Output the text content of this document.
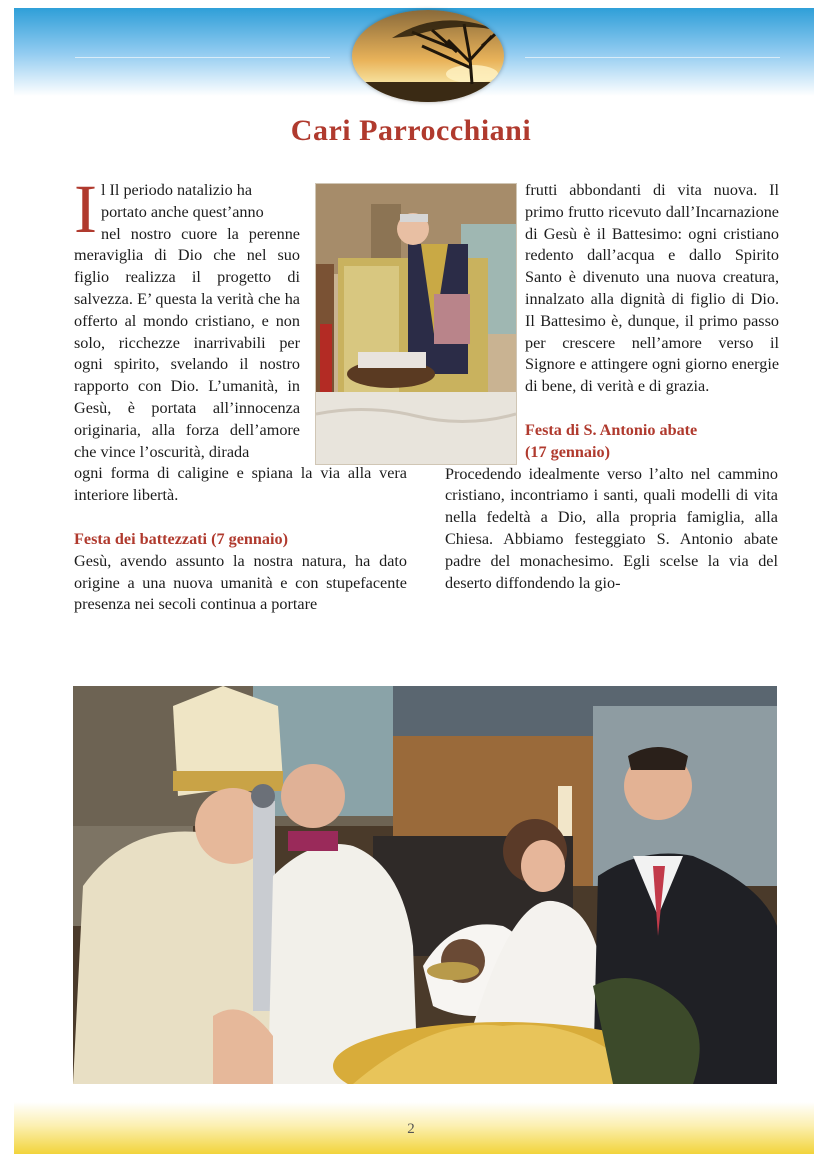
Cari Parrocchiani
I l Il periodo natalizio ha

portato anche quest’anno

nel nostro cuore la perenne meraviglia di Dio che nel suo figlio realizza il progetto di salvezza. E’ questa la verità che ha offerto al mondo cristiano, e non solo, ricchezze inarrivabili per ogni spirito, svelando il nostro rapporto con Dio. L’umanità, in Gesù, è portata all’innocenza originaria, alla forza dell’amore che vince l’oscurità, dirada

ogni forma di caligine e spiana la via alla vera interiore libertà.

Festa dei battezzati (7 gennaio)

Gesù, avendo assunto la nostra natura, ha dato origine a una nuova umanità e con stupefacente presenza nei secoli continua a portare

frutti abbondanti di vita nuova. Il primo frutto ricevuto dall’Incarnazione di Gesù è il Battesimo: ogni cristiano redento dall’acqua e dallo Spirito Santo è divenuto una nuova creatura, innalzato alla dignità di figlio di Dio. Il Battesimo è, dunque, il primo passo per crescere nell’amore verso il Signore e attingere ogni giorno energie di bene, di verità e di grazia.

Festa di S. Antonio abate

(17 gennaio)

Procedendo idealmente verso l’alto nel cammino cristiano, incontriamo i santi, quali modelli di vita nella fedeltà a Dio, alla propria famiglia, alla Chiesa. Abbiamo festeggiato S. Antonio abate padre del monachesimo. Egli scelse la via del deserto diffondendo la gio-

2
